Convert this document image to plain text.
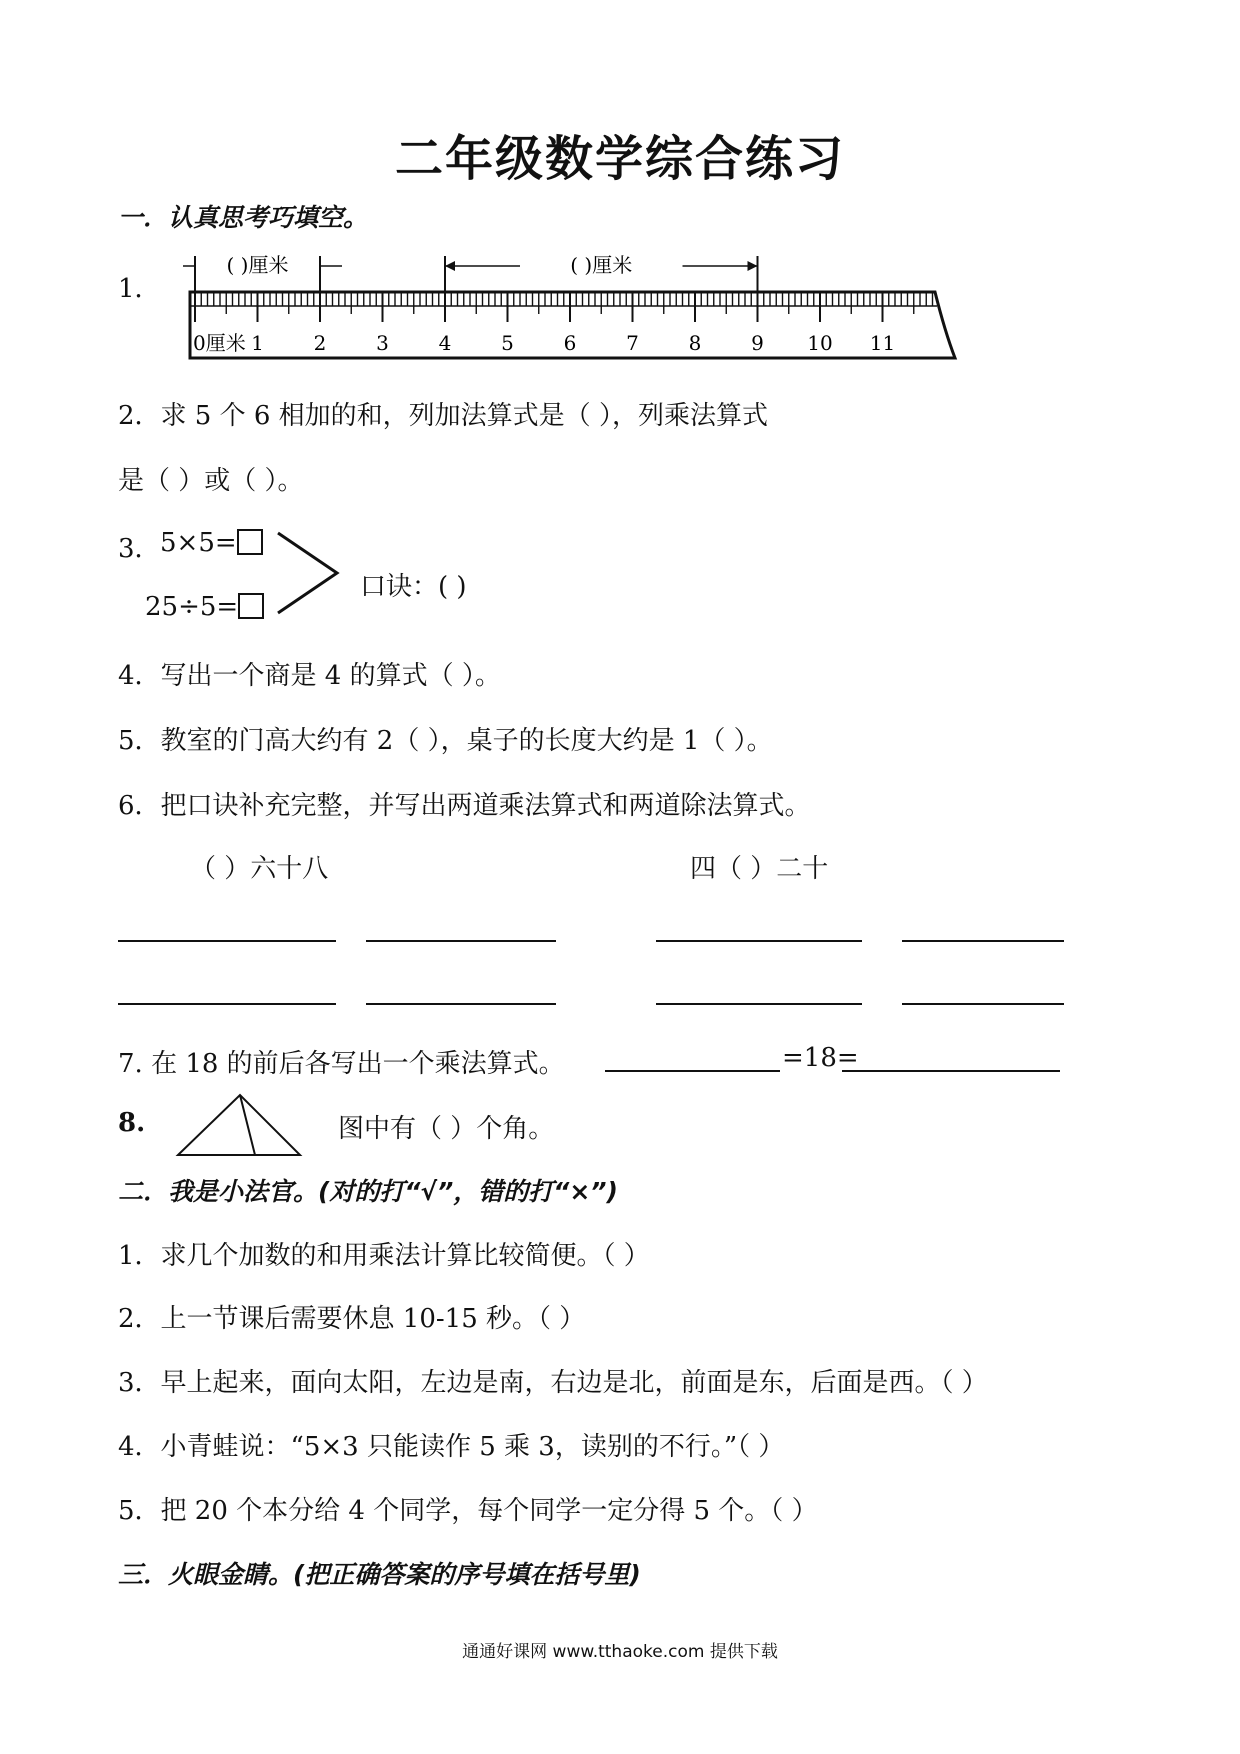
二年级数学综合练习
一．认真思考巧填空。
1．
0厘米 1 2 3 4 5 6 7 8 9 10 11
( )厘米	( )厘米
2．求 5 个 6 相加的和，列加法算式是（ ），列乘法算式
是（ ）或（ ）。
3． 5×5=
25÷5=
口诀：( )
4．写出一个商是 4 的算式（ ）。
5．教室的门高大约有 2（ ），桌子的长度大约是 1（ ）。
6．把口诀补充完整，并写出两道乘法算式和两道除法算式。
（ ）六十八	四（ ）二十
7. 在 18 的前后各写出一个乘法算式。	=18=
8.	图中有（ ）个角。
二．我是小法官。(对的打“√”，错的打“×”)
1．求几个加数的和用乘法计算比较简便。（ ）
2．上一节课后需要休息 10-15 秒。（ ）
3．早上起来，面向太阳，左边是南，右边是北，前面是东，后面是西。（ ）
4．小青蛙说：“5×3 只能读作 5 乘 3，读别的不行。”（ ）
5．把 20 个本分给 4 个同学，每个同学一定分得 5 个。（ ）
三．火眼金睛。(把正确答案的序号填在括号里)
通通好课网 www.tthaoke.com 提供下载
